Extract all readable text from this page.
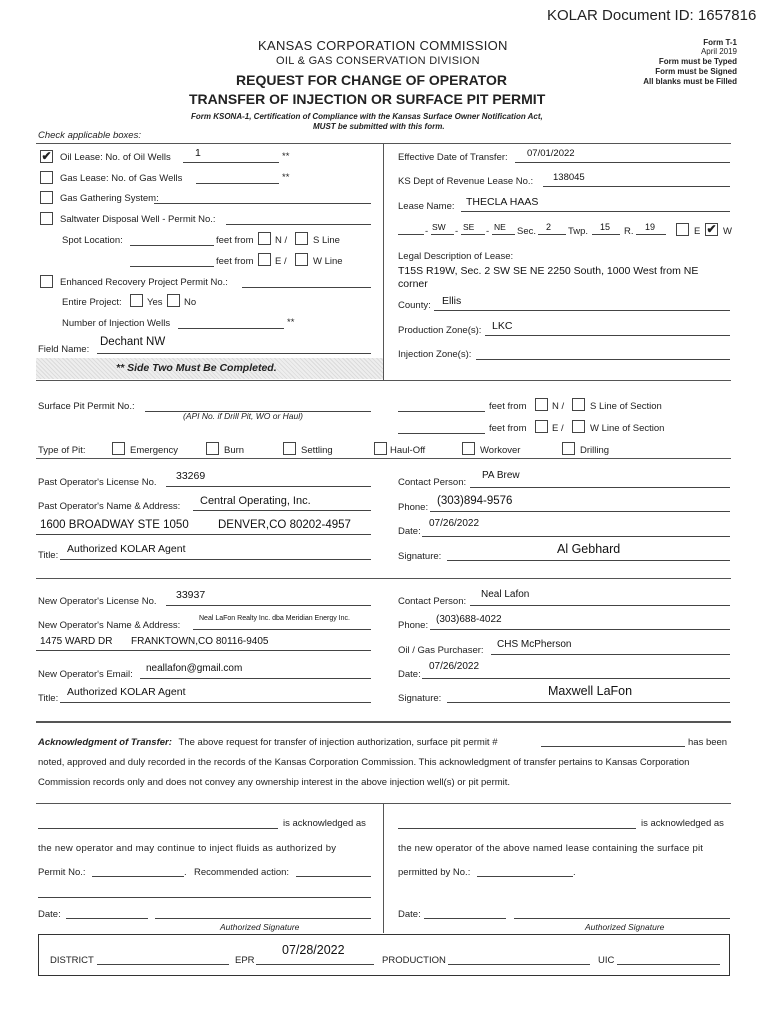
KOLAR Document ID: 1657816
KANSAS CORPORATION COMMISSION
OIL & GAS CONSERVATION DIVISION
REQUEST FOR CHANGE OF OPERATOR
TRANSFER OF INJECTION OR SURFACE PIT PERMIT
Form T-1
April 2019
Form must be Typed
Form must be Signed
All blanks must be Filled
Form KSONA-1, Certification of Compliance with the Kansas Surface Owner Notification Act,
MUST be submitted with this form.
Check applicable boxes:
✔ Oil Lease: No. of Oil Wells 1	**
Gas Lease: No. of Gas Wells	**
Gas Gathering System:
Saltwater Disposal Well - Permit No.:
Spot Location:	feet from N /	S Line
feet from E /	W Line
Enhanced Recovery Project Permit No.:
Entire Project:	Yes No
Number of Injection Wells	**
Field Name:
Dechant NW
** Side Two Must Be Completed.
Effective Date of Transfer: 07/01/2022
KS Dept of Revenue Lease No.: 138045
Lease Name: THECLA HAAS
SW
-	- SE - NE Sec. 2 Twp. 15 R. 19	E ✔ W
Legal Description of Lease:
T15S R19W, Sec. 2 SW SE NE 2250 South, 1000 West from NE
corner
County: Ellis
Production Zone(s): LKC
Injection Zone(s):
Surface Pit Permit No.:
(API No. if Drill Pit, WO or Haul)
feet from	N /	S Line of Section
feet from	E /	W Line of Section
Type of Pit:	Emergency	Burn	Settling	Haul-Off	Workover	Drilling
Past Operator's License No.
33269
Past Operator's Name & Address: Central Operating, Inc.
1600 BROADWAY STE 1050	DENVER,CO 80202-4957
Title:
Authorized KOLAR Agent
Contact Person:
PA Brew
Phone:
(303)894-9576
Date:
07/26/2022
Signature:
Al Gebhard
New Operator's License No.
33937
New Operator's Name & Address:
Neal LaFon Realty Inc. dba Meridian Energy Inc.
1475 WARD DR FRANKTOWN,CO 80116-9405
New Operator's Email:
neallafon@gmail.com
Title:
Authorized KOLAR Agent
Contact Person:
Neal Lafon
Phone:
(303)688-4022
Oil / Gas Purchaser:
CHS McPherson
Date:
07/26/2022
Signature:
Maxwell LaFon
Acknowledgment of Transfer: The above request for transfer of injection authorization, surface pit permit #	has been
noted, approved and duly recorded in the records of the Kansas Corporation Commission. This acknowledgment of transfer pertains to Kansas Corporation
Commission records only and does not convey any ownership interest in the above injection well(s) or pit permit.
is acknowledged as
the new operator and may continue to inject fluids as authorized by
Permit No.:	. Recommended action:
Date:
Authorized Signature
is acknowledged as
the new operator of the above named lease containing the surface pit
permitted by No.:	.
Date:
Authorized Signature
DISTRICT	EPR
07/28/2022
PRODUCTION	UIC
